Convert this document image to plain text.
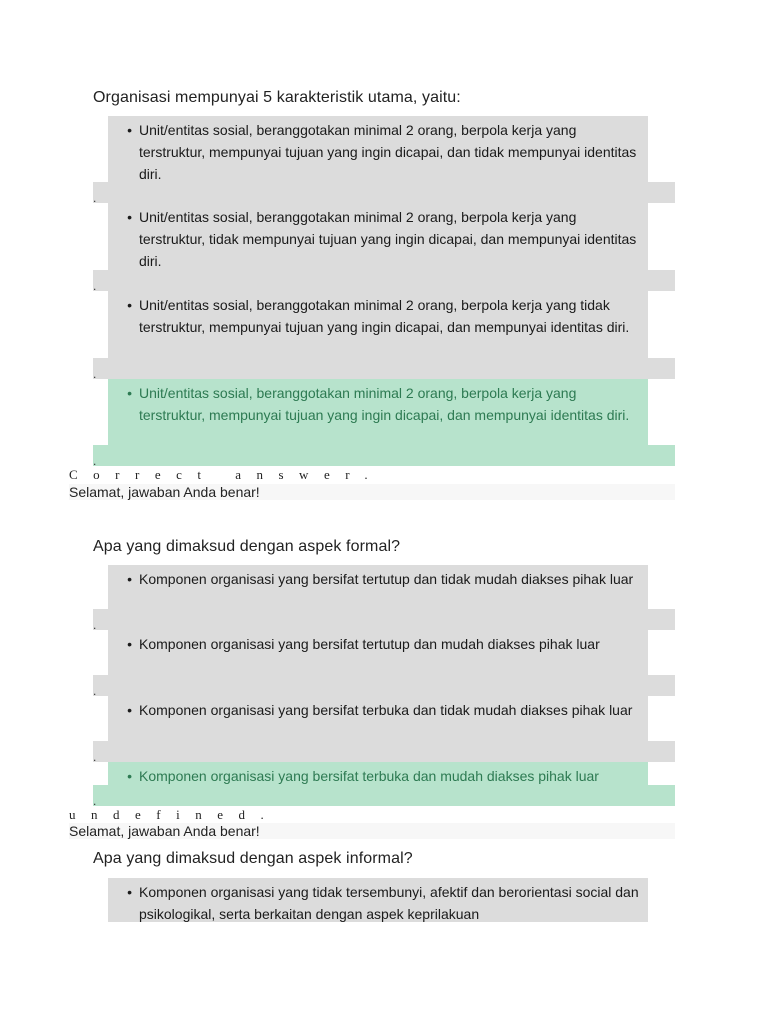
Organisasi mempunyai 5 karakteristik utama, yaitu:
• Unit/entitas sosial, beranggotakan minimal 2 orang, berpola kerja yang terstruktur, mempunyai tujuan yang ingin dicapai, dan tidak mempunyai identitas diri.
.
• Unit/entitas sosial, beranggotakan minimal 2 orang, berpola kerja yang terstruktur, tidak mempunyai tujuan yang ingin dicapai, dan mempunyai identitas diri.
.
• Unit/entitas sosial, beranggotakan minimal 2 orang, berpola kerja yang tidak terstruktur, mempunyai tujuan yang ingin dicapai, dan mempunyai identitas diri.
.
• Unit/entitas sosial, beranggotakan minimal 2 orang, berpola kerja yang terstruktur, mempunyai tujuan yang ingin dicapai, dan mempunyai identitas diri.
.
Correct answer.
Selamat, jawaban Anda benar!
Apa yang dimaksud dengan aspek formal?
• Komponen organisasi yang bersifat tertutup dan tidak mudah diakses pihak luar
.
• Komponen organisasi yang bersifat tertutup dan mudah diakses pihak luar
.
• Komponen organisasi yang bersifat terbuka dan tidak mudah diakses pihak luar
.
• Komponen organisasi yang bersifat terbuka dan mudah diakses pihak luar
.
undefined.
Selamat, jawaban Anda benar!
Apa yang dimaksud dengan aspek informal?
• Komponen organisasi yang tidak tersembunyi, afektif dan berorientasi social dan psikologikal, serta berkaitan dengan aspek keprilakuan
